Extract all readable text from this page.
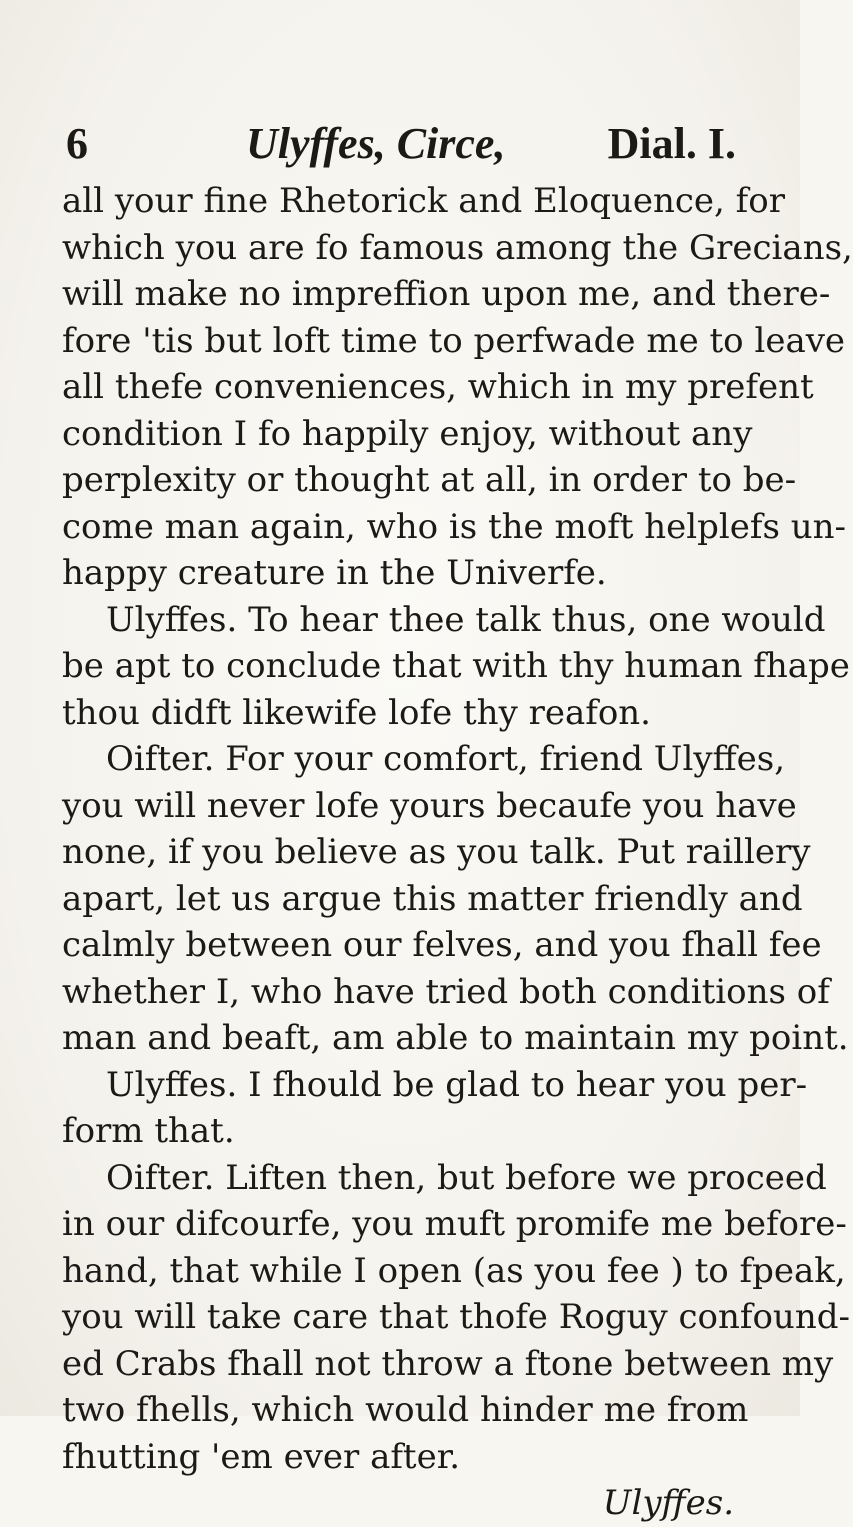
6	Ulyffes, Circe, Dial. I.
all your fine Rhetorick and Eloquence, for
which you are fo famous among the Grecians,
will make no impreffion upon me, and there-
fore 'tis but loft time to perfwade me to leave
all thefe conveniences, which in my prefent
condition I fo happily enjoy, without any
perplexity or thought at all, in order to be-
come man again, who is the moft helplefs un-
happy creature in the Univerfe.
Ulyffes. To hear thee talk thus, one would
be apt to conclude that with thy human fhape
thou didft likewife lofe thy reafon.
Oifter. For your comfort, friend Ulyffes,
you will never lofe yours becaufe you have
none, if you believe as you talk. Put raillery
apart, let us argue this matter friendly and
calmly between our felves, and you fhall fee
whether I, who have tried both conditions of
man and beaft, am able to maintain my point.
Ulyffes. I fhould be glad to hear you per-
form that.
Oifter. Liften then, but before we proceed
in our difcourfe, you muft promife me before-
hand, that while I open (as you fee ) to fpeak,
you will take care that thofe Roguy confound-
ed Crabs fhall not throw a ftone between my
two fhells, which would hinder me from
fhutting 'em ever after.
Ulyffes.
